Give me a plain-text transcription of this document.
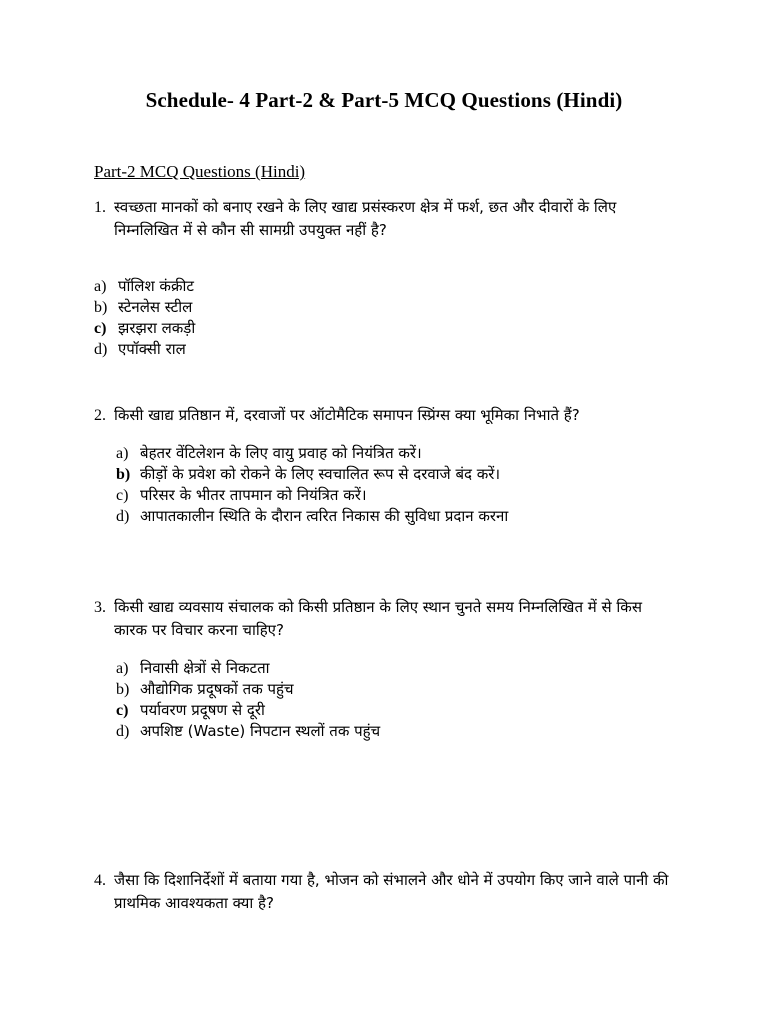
Schedule- 4 Part-2 & Part-5 MCQ Questions (Hindi)
Part-2 MCQ Questions (Hindi)
1. स्वच्छता मानकों को बनाए रखने के लिए खाद्य प्रसंस्करण क्षेत्र में फर्श, छत और दीवारों के लिए निम्नलिखित में से कौन सी सामग्री उपयुक्त नहीं है?
a) पॉलिश कंक्रीट
b) स्टेनलेस स्टील
c) झरझरा लकड़ी
d) एपॉक्सी राल
2. किसी खाद्य प्रतिष्ठान में, दरवाजों पर ऑटोमैटिक समापन स्प्रिंग्स क्या भूमिका निभाते हैं?
a) बेहतर वेंटिलेशन के लिए वायु प्रवाह को नियंत्रित करें।
b) कीड़ों के प्रवेश को रोकने के लिए स्वचालित रूप से दरवाजे बंद करें।
c) परिसर के भीतर तापमान को नियंत्रित करें।
d) आपातकालीन स्थिति के दौरान त्वरित निकास की सुविधा प्रदान करना
3. किसी खाद्य व्यवसाय संचालक को किसी प्रतिष्ठान के लिए स्थान चुनते समय निम्नलिखित में से किस कारक पर विचार करना चाहिए?
a) निवासी क्षेत्रों से निकटता
b) औद्योगिक प्रदूषकों तक पहुंच
c) पर्यावरण प्रदूषण से दूरी
d) अपशिष्ट (Waste) निपटान स्थलों तक पहुंच
4. जैसा कि दिशानिर्देशों में बताया गया है, भोजन को संभालने और धोने में उपयोग किए जाने वाले पानी की प्राथमिक आवश्यकता क्या है?
